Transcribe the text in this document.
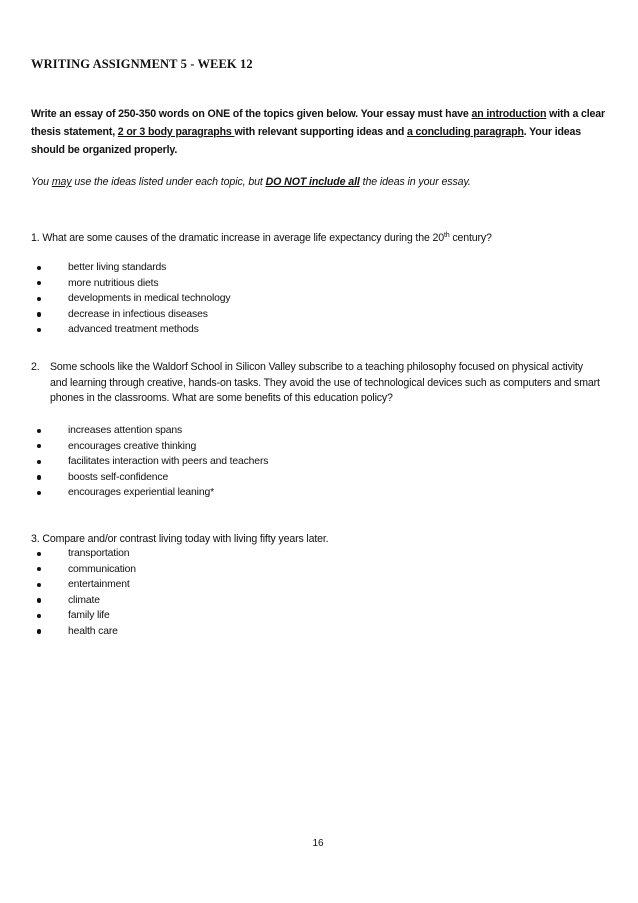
WRITING ASSIGNMENT 5 - WEEK 12
Write an essay of 250-350 words on ONE of the topics given below. Your essay must have an introduction with a clear thesis statement, 2 or 3 body paragraphs with relevant supporting ideas and a concluding paragraph. Your ideas should be organized properly.
You may use the ideas listed under each topic, but DO NOT include all the ideas in your essay.
1. What are some causes of the dramatic increase in average life expectancy during the 20th century?
better living standards
more nutritious diets
developments in medical technology
decrease in infectious diseases
advanced treatment methods
2. Some schools like the Waldorf School in Silicon Valley subscribe to a teaching philosophy focused on physical activity and learning through creative, hands-on tasks. They avoid the use of technological devices such as computers and smart phones in the classrooms. What are some benefits of this education policy?
increases attention spans
encourages creative thinking
facilitates interaction with peers and teachers
boosts self-confidence
encourages experiential leaning*
3. Compare and/or contrast living today with living fifty years later.
transportation
communication
entertainment
climate
family life
health care
16
